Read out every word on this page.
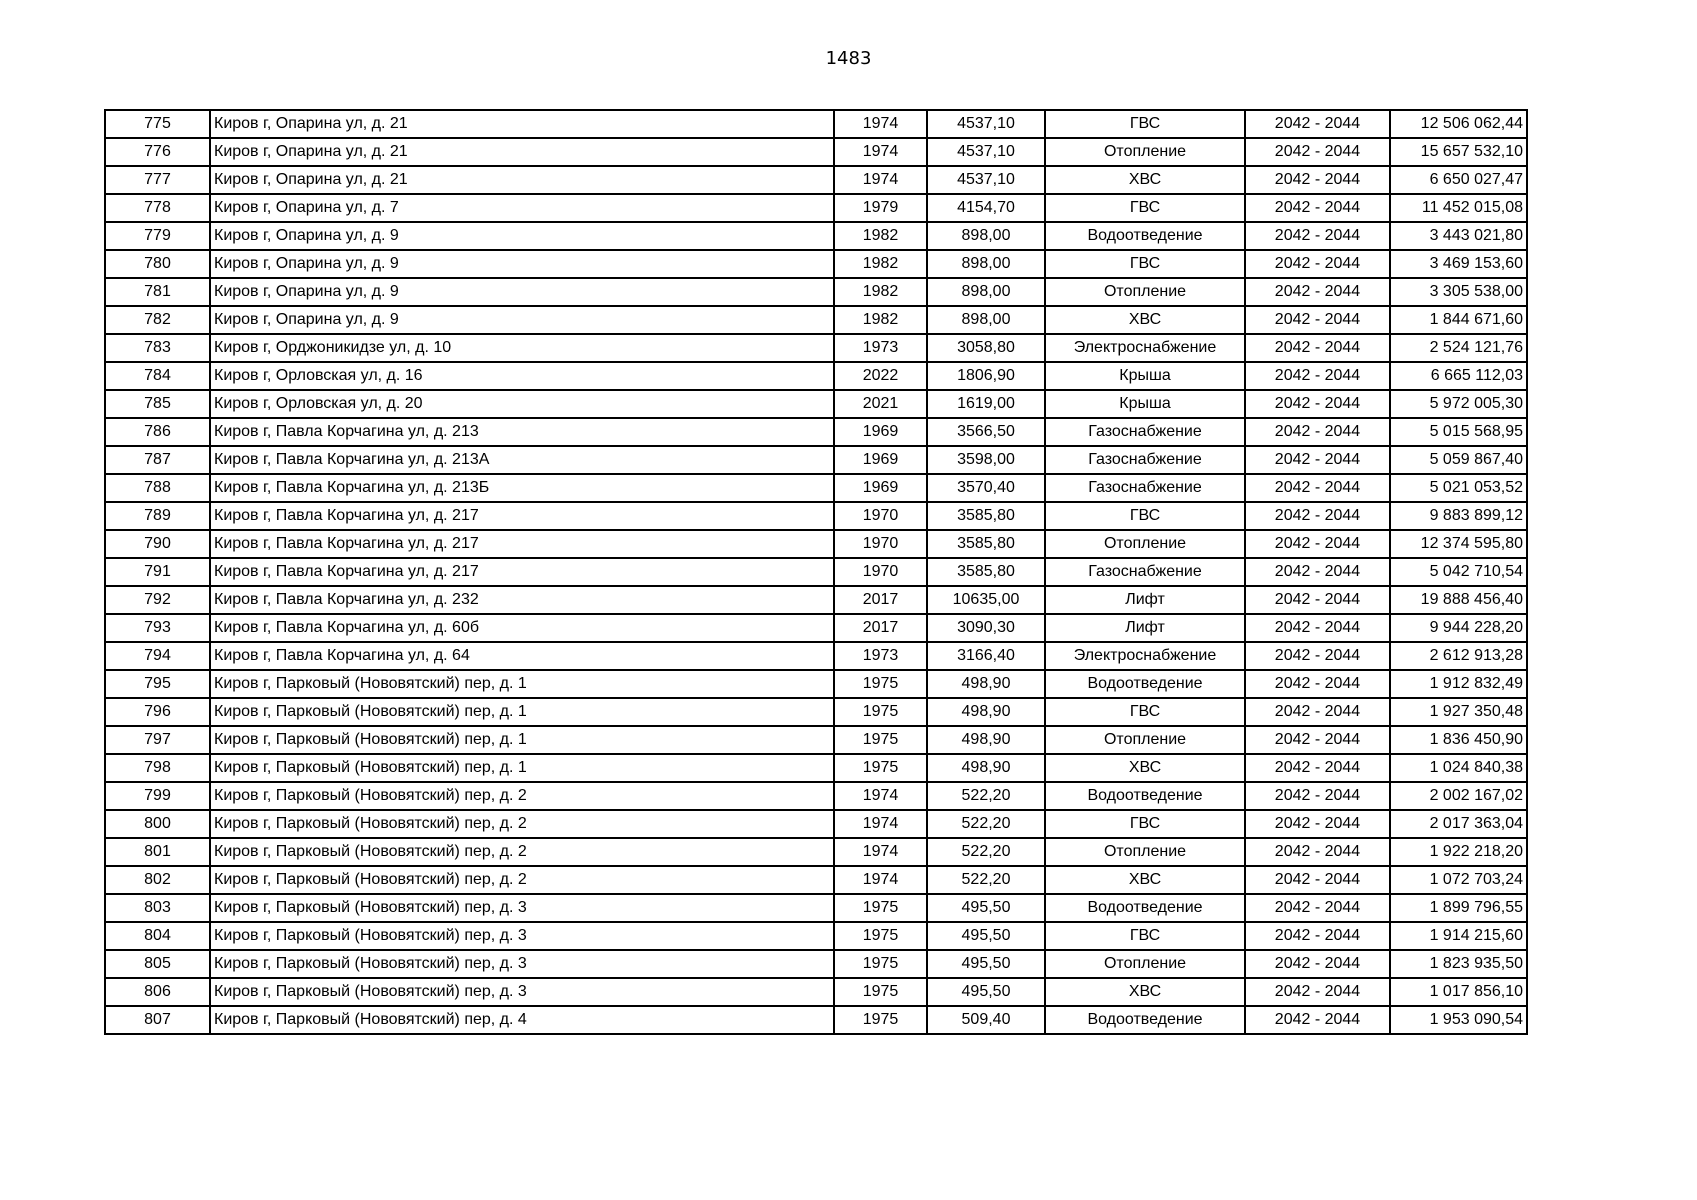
1483
775	Киров г, Опарина ул, д. 21	1974	4537,10	ГВС	2042 - 2044	12 506 062,44
776	Киров г, Опарина ул, д. 21	1974	4537,10	Отопление	2042 - 2044	15 657 532,10
777	Киров г, Опарина ул, д. 21	1974	4537,10	ХВС	2042 - 2044	6 650 027,47
778	Киров г, Опарина ул, д. 7	1979	4154,70	ГВС	2042 - 2044	11 452 015,08
779	Киров г, Опарина ул, д. 9	1982	898,00	Водоотведение	2042 - 2044	3 443 021,80
780	Киров г, Опарина ул, д. 9	1982	898,00	ГВС	2042 - 2044	3 469 153,60
781	Киров г, Опарина ул, д. 9	1982	898,00	Отопление	2042 - 2044	3 305 538,00
782	Киров г, Опарина ул, д. 9	1982	898,00	ХВС	2042 - 2044	1 844 671,60
783	Киров г, Орджоникидзе ул, д. 10	1973	3058,80	Электроснабжение	2042 - 2044	2 524 121,76
784	Киров г, Орловская ул, д. 16	2022	1806,90	Крыша	2042 - 2044	6 665 112,03
785	Киров г, Орловская ул, д. 20	2021	1619,00	Крыша	2042 - 2044	5 972 005,30
786	Киров г, Павла Корчагина ул, д. 213	1969	3566,50	Газоснабжение	2042 - 2044	5 015 568,95
787	Киров г, Павла Корчагина ул, д. 213А	1969	3598,00	Газоснабжение	2042 - 2044	5 059 867,40
788	Киров г, Павла Корчагина ул, д. 213Б	1969	3570,40	Газоснабжение	2042 - 2044	5 021 053,52
789	Киров г, Павла Корчагина ул, д. 217	1970	3585,80	ГВС	2042 - 2044	9 883 899,12
790	Киров г, Павла Корчагина ул, д. 217	1970	3585,80	Отопление	2042 - 2044	12 374 595,80
791	Киров г, Павла Корчагина ул, д. 217	1970	3585,80	Газоснабжение	2042 - 2044	5 042 710,54
792	Киров г, Павла Корчагина ул, д. 232	2017	10635,00	Лифт	2042 - 2044	19 888 456,40
793	Киров г, Павла Корчагина ул, д. 60б	2017	3090,30	Лифт	2042 - 2044	9 944 228,20
794	Киров г, Павла Корчагина ул, д. 64	1973	3166,40	Электроснабжение	2042 - 2044	2 612 913,28
795	Киров г, Парковый (Нововятский) пер, д. 1	1975	498,90	Водоотведение	2042 - 2044	1 912 832,49
796	Киров г, Парковый (Нововятский) пер, д. 1	1975	498,90	ГВС	2042 - 2044	1 927 350,48
797	Киров г, Парковый (Нововятский) пер, д. 1	1975	498,90	Отопление	2042 - 2044	1 836 450,90
798	Киров г, Парковый (Нововятский) пер, д. 1	1975	498,90	ХВС	2042 - 2044	1 024 840,38
799	Киров г, Парковый (Нововятский) пер, д. 2	1974	522,20	Водоотведение	2042 - 2044	2 002 167,02
800	Киров г, Парковый (Нововятский) пер, д. 2	1974	522,20	ГВС	2042 - 2044	2 017 363,04
801	Киров г, Парковый (Нововятский) пер, д. 2	1974	522,20	Отопление	2042 - 2044	1 922 218,20
802	Киров г, Парковый (Нововятский) пер, д. 2	1974	522,20	ХВС	2042 - 2044	1 072 703,24
803	Киров г, Парковый (Нововятский) пер, д. 3	1975	495,50	Водоотведение	2042 - 2044	1 899 796,55
804	Киров г, Парковый (Нововятский) пер, д. 3	1975	495,50	ГВС	2042 - 2044	1 914 215,60
805	Киров г, Парковый (Нововятский) пер, д. 3	1975	495,50	Отопление	2042 - 2044	1 823 935,50
806	Киров г, Парковый (Нововятский) пер, д. 3	1975	495,50	ХВС	2042 - 2044	1 017 856,10
807	Киров г, Парковый (Нововятский) пер, д. 4	1975	509,40	Водоотведение	2042 - 2044	1 953 090,54
